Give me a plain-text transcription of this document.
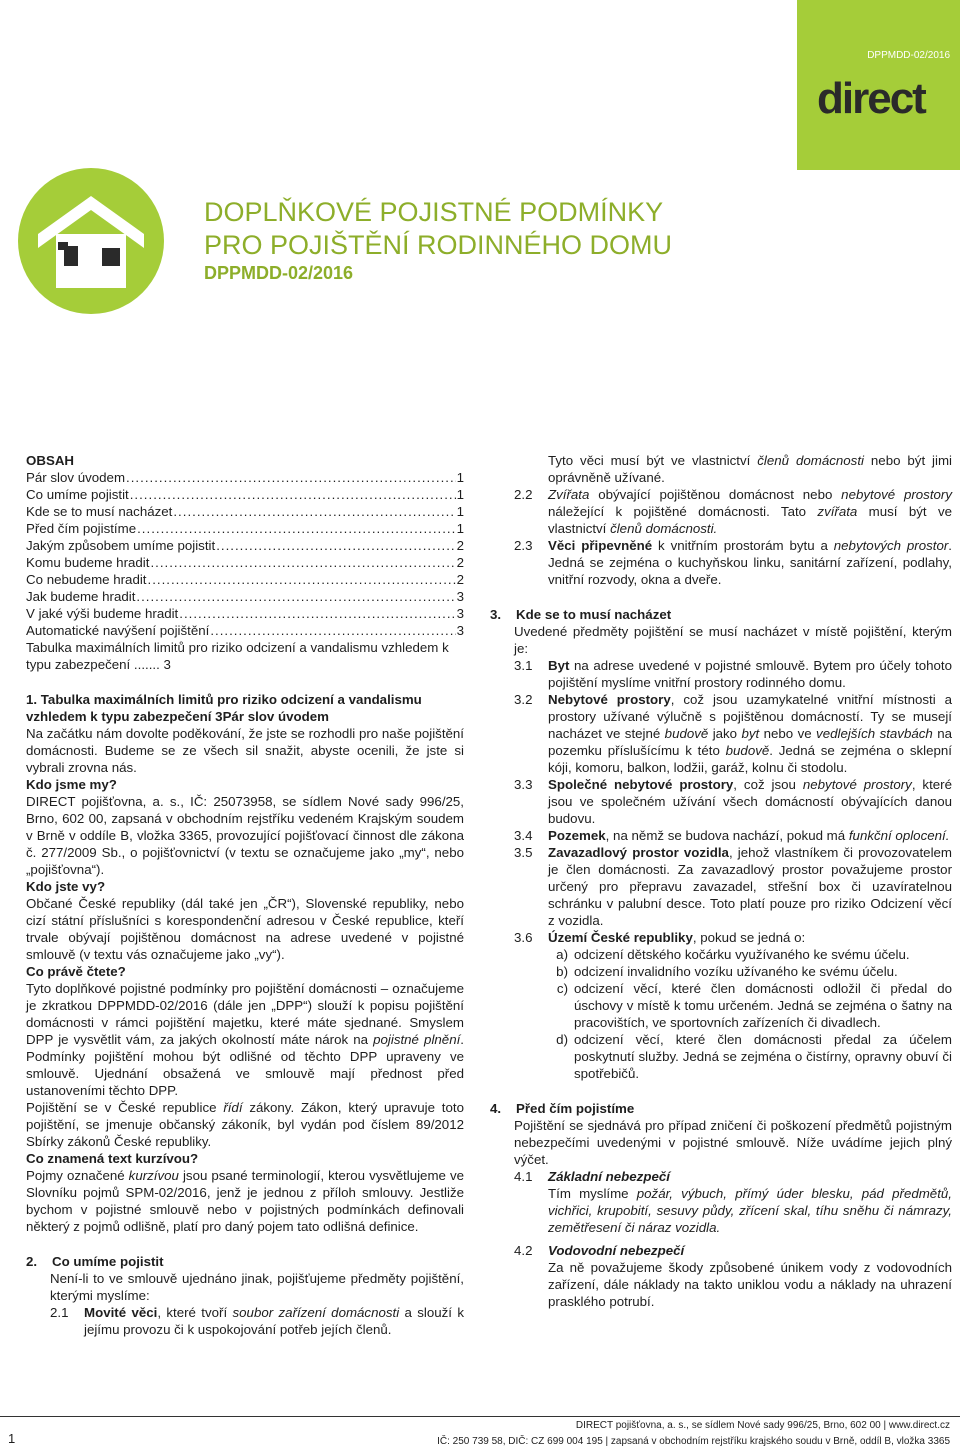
DPPMDD-02/2016
direct
DOPLŇKOVÉ POJISTNÉ PODMÍNKY
PRO POJIŠTĚNÍ RODINNÉHO DOMU
DPPMDD-02/2016
OBSAH
Pár slov úvodem .....	1
Co umíme pojistit .....	1
Kde se to musí nacházet .....	1
Před čím pojistíme .....	1
Jakým způsobem umíme pojistit .....	2
Komu budeme hradit .....	2
Co nebudeme hradit .....	2
Jak budeme hradit .....	3
V jaké výši budeme hradit .....	3
Automatické navýšení pojištění .....	3
Tabulka maximálních limitů pro riziko odcizení a vandalismu vzhledem k typu zabezpečení ....... 3

1. Tabulka maximálních limitů pro riziko odcizení a vandalismu vzhledem k typu zabezpečení 3Pár slov úvodem

Na začátku nám dovolte poděkování, že jste se rozhodli pro naše pojištění domácnosti. Budeme se ze všech sil snažit, abyste ocenili, že jste si vybrali zrovna nás.

Kdo jsme my?

DIRECT pojišťovna, a. s., IČ: 25073958, se sídlem Nové sady 996/25, Brno, 602 00, zapsaná v obchodním rejstříku vedeném Krajským soudem v Brně v oddíle B, vložka 3365, provozující pojišťovací činnost dle zákona č. 277/2009 Sb., o pojišťovnictví (v textu se označujeme jako „my“, nebo „pojišťovna“).

Kdo jste vy?

Občané České republiky (dál také jen „ČR“), Slovenské republiky, nebo cizí státní příslušníci s korespondenční adresou v České republice, kteří trvale obývají pojištěnou domácnost na adrese uvedené v pojistné smlouvě (v textu vás označujeme jako „vy“).

Co právě čtete?

Tyto doplňkové pojistné podmínky pro pojištění domácnosti – označujeme je zkratkou DPPMDD-02/2016 (dále jen „DPP“) slouží k popisu pojištění domácnosti v rámci pojištění majetku, které máte sjednané. Smyslem DPP je vysvětlit vám, za jakých okolností máte nárok na pojistné plnění. Podmínky pojištění mohou být odlišné od těchto DPP upraveny ve smlouvě. Ujednání obsažená ve smlouvě mají přednost před ustanoveními těchto DPP.

Pojištění se v České republice řídí zákony. Zákon, který upravuje toto pojištění, se jmenuje občanský zákoník, byl vydán pod číslem 89/2012 Sbírky zákonů České republiky.

Co znamená text kurzívou?

Pojmy označené kurzívou jsou psané terminologií, kterou vysvětlujeme ve Slovníku pojmů SPM-02/2016, jenž je jednou z příloh smlouvy. Jestliže bychom v pojistné smlouvě nebo v pojistných podmínkách definovali některý z pojmů odlišně, platí pro daný pojem tato odlišná definice.

2.	Co umíme pojistit

Není-li to ve smlouvě ujednáno jinak, pojišťujeme předměty pojištění, kterými myslíme:

2.1	Movité věci, které tvoří soubor zařízení domácnosti a slouží k jejímu provozu či k uspokojování potřeb jejích členů.

Tyto věci musí být ve vlastnictví členů domácnosti nebo být jimi oprávněně užívané.

2.2	Zvířata obývající pojištěnou domácnost nebo nebytové prostory náležející k pojištěné domácnosti. Tato zvířata musí být ve vlastnictví členů domácnosti.
2.3	Věci připevněné k vnitřním prostorám bytu a nebytových prostor. Jedná se zejména o kuchyňskou linku, sanitární zařízení, podlahy, vnitřní rozvody, okna a dveře.
3.	Kde se to musí nacházet

Uvedené předměty pojištění se musí nacházet v místě pojištění, kterým je:

3.1	Byt na adrese uvedené v pojistné smlouvě. Bytem pro účely tohoto pojištění myslíme vnitřní prostory rodinného domu.
3.2	Nebytové prostory, což jsou uzamykatelné vnitřní místnosti a prostory užívané výlučně s pojištěnou domácností. Ty se musejí nacházet ve stejné budově jako byt nebo ve vedlejších stavbách na pozemku příslušícímu k této budově. Jedná se zejména o sklepní kóji, komoru, balkon, lodžii, garáž, kolnu či stodolu.
3.3	Společné nebytové prostory, což jsou nebytové prostory, které jsou ve společném užívání všech domácností obývajících danou budovu.
3.4	Pozemek, na němž se budova nachází, pokud má funkční oplocení.
3.5	Zavazadlový prostor vozidla, jehož vlastníkem či provozovatelem je člen domácnosti. Za zavazadlový prostor považujeme prostor určený pro přepravu zavazadel, střešní box či uzavíratelnou schránku v palubní desce. Toto platí pouze pro riziko Odcizení věcí z vozidla.
3.6	Území České republiky, pokud se jedná o:
a) odcizení dětského kočárku využívaného ke svému účelu.
b) odcizení invalidního vozíku užívaného ke svému účelu.
c) odcizení věcí, které člen domácnosti odložil či předal do úschovy v místě k tomu určeném. Jedná se zejména o šatny na pracovištích, ve sportovních zařízeních či divadlech.
d) odcizení věcí, které člen domácnosti předal za účelem poskytnutí služby. Jedná se zejména o čistírny, opravny obuví či spotřebičů.
4.	Před čím pojistíme

Pojištění se sjednává pro případ zničení či poškození předmětů pojistným nebezpečími uvedenými v pojistné smlouvě. Níže uvádíme jejich plný výčet.

4.1	Základní nebezpečí

Tím myslíme požár, výbuch, přímý úder blesku, pád předmětů, vichřici, krupobití, sesuvy půdy, zřícení skal, tíhu sněhu či námrazy, zemětřesení či náraz vozidla.

4.2	Vodovodní nebezpečí

Za ně považujeme škody způsobené únikem vody z vodovodních zařízení, dále náklady na takto uniklou vodu a náklady na uhrazení prasklého potrubí.

1
DIRECT pojišťovna, a. s., se sídlem Nové sady 996/25, Brno, 602 00 | www.direct.cz
IČ: 250 739 58, DIČ: CZ 699 004 195 | zapsaná v obchodním rejstříku krajského soudu v Brně, oddíl B, vložka 3365
